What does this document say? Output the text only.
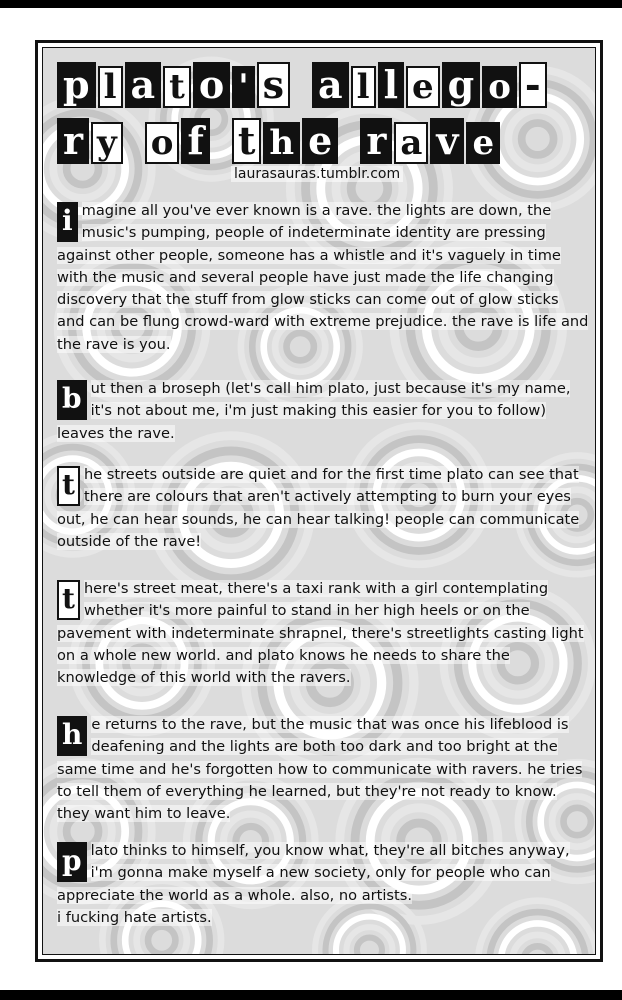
p l a t o ' s a l l e g o -
r y o f t h e r a v e
laurasauras.tumblr.com
i magine all you've ever known is a rave. the lights are down, the music's pumping, people of indeterminate identity are pressing against other people, someone has a whistle and it's vaguely in time with the music and several people have just made the life changing discovery that the stuff from glow sticks can come out of glow sticks and can be flung crowd-ward with extreme prejudice. the rave is life and the rave is you.
b ut then a broseph (let's call him plato, just because it's my name, it's not about me, i'm just making this easier for you to follow) leaves the rave.
t he streets outside are quiet and for the first time plato can see that there are colours that aren't actively attempting to burn your eyes out, he can hear sounds, he can hear talking! people can communicate outside of the rave!
t here's street meat, there's a taxi rank with a girl contemplating whether it's more painful to stand in her high heels or on the pavement with indeterminate shrapnel, there's streetlights casting light on a whole new world. and plato knows he needs to share the knowledge of this world with the ravers.
h e returns to the rave, but the music that was once his lifeblood is deafening and the lights are both too dark and too bright at the same time and he's forgotten how to communicate with ravers. he tries to tell them of everything he learned, but they're not ready to know. they want him to leave.
p lato thinks to himself, you know what, they're all bitches anyway, i'm gonna make myself a new society, only for people who can appreciate the world as a whole. also, no artists.
i fucking hate artists.
